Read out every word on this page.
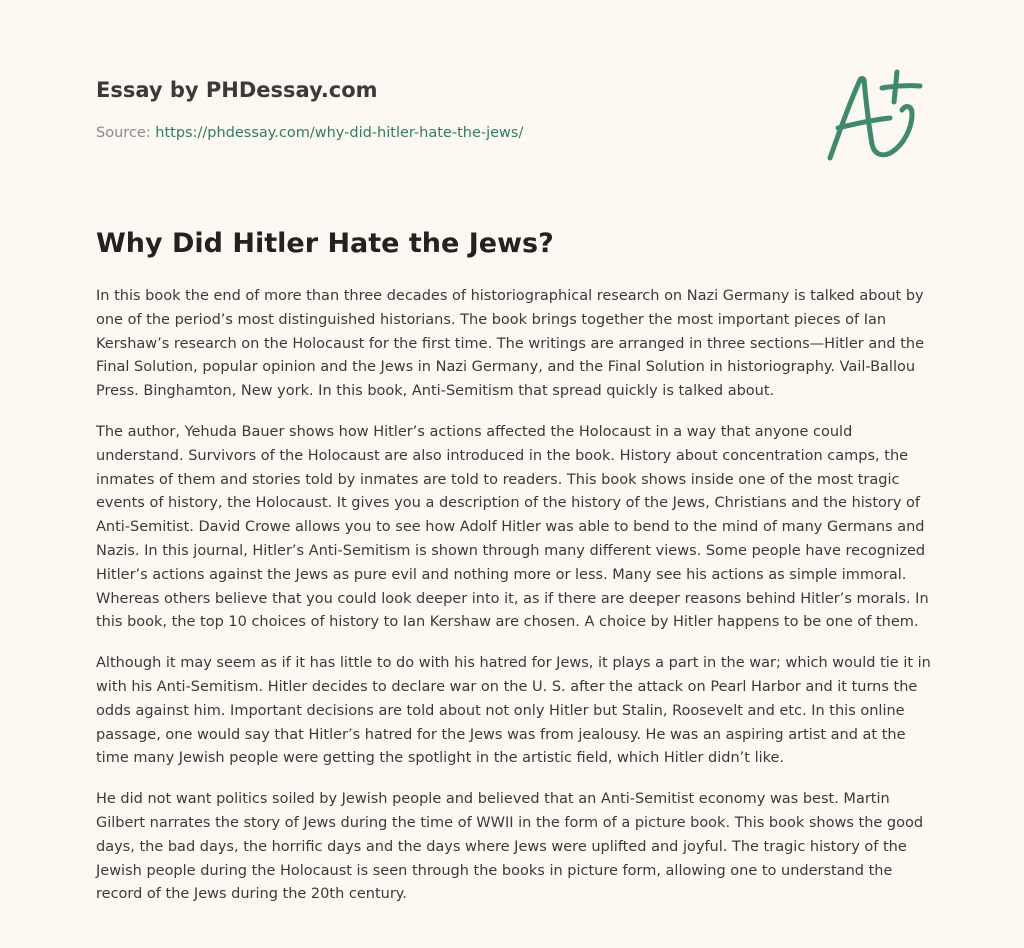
Essay by PHDessay.com

Source: https://phdessay.com/why-did-hitler-hate-the-jews/
Why Did Hitler Hate the Jews?

In this book the end of more than three decades of historiographical research on Nazi Germany is talked about by one of the period’s most distinguished historians. The book brings together the most important pieces of Ian Kershaw’s research on the Holocaust for the first time. The writings are arranged in three sections—Hitler and the Final Solution, popular opinion and the Jews in Nazi Germany, and the Final Solution in historiography. Vail-Ballou Press. Binghamton, New york. In this book, Anti-Semitism that spread quickly is talked about.

The author, Yehuda Bauer shows how Hitler’s actions affected the Holocaust in a way that anyone could understand. Survivors of the Holocaust are also introduced in the book. History about concentration camps, the inmates of them and stories told by inmates are told to readers. This book shows inside one of the most tragic events of history, the Holocaust. It gives you a description of the history of the Jews, Christians and the history of Anti-Semitist. David Crowe allows you to see how Adolf Hitler was able to bend to the mind of many Germans and Nazis. In this journal, Hitler’s Anti-Semitism is shown through many different views. Some people have recognized Hitler’s actions against the Jews as pure evil and nothing more or less. Many see his actions as simple immoral. Whereas others believe that you could look deeper into it, as if there are deeper reasons behind Hitler’s morals. In this book, the top 10 choices of history to Ian Kershaw are chosen. A choice by Hitler happens to be one of them.

Although it may seem as if it has little to do with his hatred for Jews, it plays a part in the war; which would tie it in with his Anti-Semitism. Hitler decides to declare war on the U. S. after the attack on Pearl Harbor and it turns the odds against him. Important decisions are told about not only Hitler but Stalin, Roosevelt and etc. In this online passage, one would say that Hitler’s hatred for the Jews was from jealousy. He was an aspiring artist and at the time many Jewish people were getting the spotlight in the artistic field, which Hitler didn’t like.

He did not want politics soiled by Jewish people and believed that an Anti-Semitist economy was best. Martin Gilbert narrates the story of Jews during the time of WWII in the form of a picture book. This book shows the good days, the bad days, the horrific days and the days where Jews were uplifted and joyful. The tragic history of the Jewish people during the Holocaust is seen through the books in picture form, allowing one to understand the record of the Jews during the 20th century.
